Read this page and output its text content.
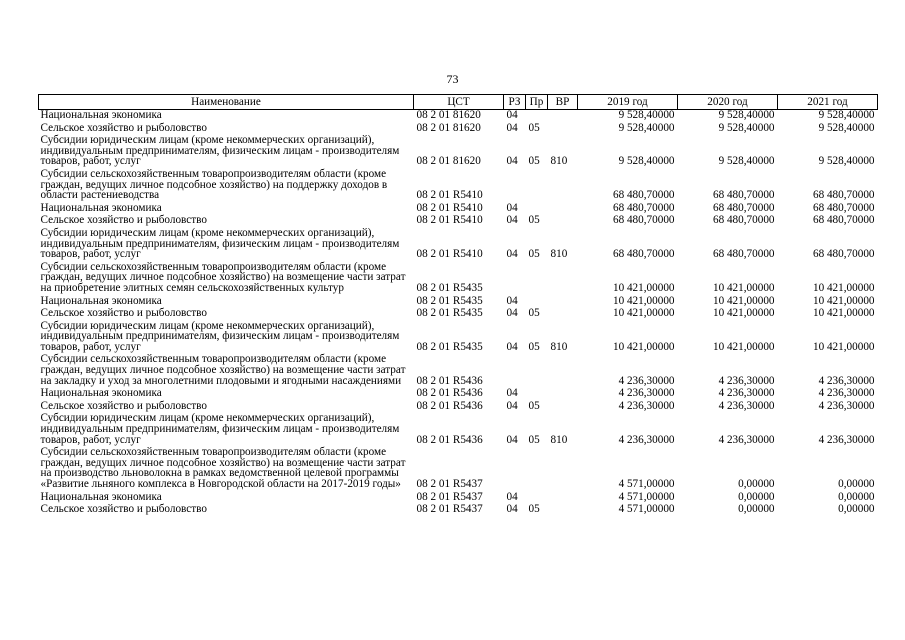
73
Наименование	ЦСТ	РЗ	Пр	ВР	2019 год	2020 год	2021 год
Национальная экономика	08 2 01 81620	04			9 528,40000	9 528,40000	9 528,40000
Сельское хозяйство и рыболовство	08 2 01 81620	04	05		9 528,40000	9 528,40000	9 528,40000
Субсидии юридическим лицам (кроме некоммерческих организаций), индивидуальным предпринимателям, физическим лицам - производителям товаров, работ, услуг	08 2 01 81620	04	05	810	9 528,40000	9 528,40000	9 528,40000
Субсидии сельскохозяйственным товаропроизводителям области (кроме граждан, ведущих личное подсобное хозяйство) на поддержку доходов в области растениеводства	08 2 01 R5410				68 480,70000	68 480,70000	68 480,70000
Национальная экономика	08 2 01 R5410	04			68 480,70000	68 480,70000	68 480,70000
Сельское хозяйство и рыболовство	08 2 01 R5410	04	05		68 480,70000	68 480,70000	68 480,70000
Субсидии юридическим лицам (кроме некоммерческих организаций), индивидуальным предпринимателям, физическим лицам - производителям товаров, работ, услуг	08 2 01 R5410	04	05	810	68 480,70000	68 480,70000	68 480,70000
Субсидии сельскохозяйственным товаропроизводителям области (кроме граждан, ведущих личное подсобное хозяйство) на возмещение части затрат на приобретение элитных семян сельскохозяйственных культур	08 2 01 R5435				10 421,00000	10 421,00000	10 421,00000
Национальная экономика	08 2 01 R5435	04			10 421,00000	10 421,00000	10 421,00000
Сельское хозяйство и рыболовство	08 2 01 R5435	04	05		10 421,00000	10 421,00000	10 421,00000
Субсидии юридическим лицам (кроме некоммерческих организаций), индивидуальным предпринимателям, физическим лицам - производителям товаров, работ, услуг	08 2 01 R5435	04	05	810	10 421,00000	10 421,00000	10 421,00000
Субсидии сельскохозяйственным товаропроизводителям области (кроме граждан, ведущих личное подсобное хозяйство) на возмещение части затрат на закладку и уход за многолетними плодовыми и ягодными насаждениями	08 2 01 R5436				4 236,30000	4 236,30000	4 236,30000
Национальная экономика	08 2 01 R5436	04			4 236,30000	4 236,30000	4 236,30000
Сельское хозяйство и рыболовство	08 2 01 R5436	04	05		4 236,30000	4 236,30000	4 236,30000
Субсидии юридическим лицам (кроме некоммерческих организаций), индивидуальным предпринимателям, физическим лицам - производителям товаров, работ, услуг	08 2 01 R5436	04	05	810	4 236,30000	4 236,30000	4 236,30000
Субсидии сельскохозяйственным товаропроизводителям области (кроме граждан, ведущих личное подсобное хозяйство) на возмещение части затрат на производство льноволокна в рамках ведомственной целевой программы «Развитие льняного комплекса в Новгородской области на 2017-2019 годы»	08 2 01 R5437				4 571,00000	0,00000	0,00000
Национальная экономика	08 2 01 R5437	04			4 571,00000	0,00000	0,00000
Сельское хозяйство и рыболовство	08 2 01 R5437	04	05		4 571,00000	0,00000	0,00000
